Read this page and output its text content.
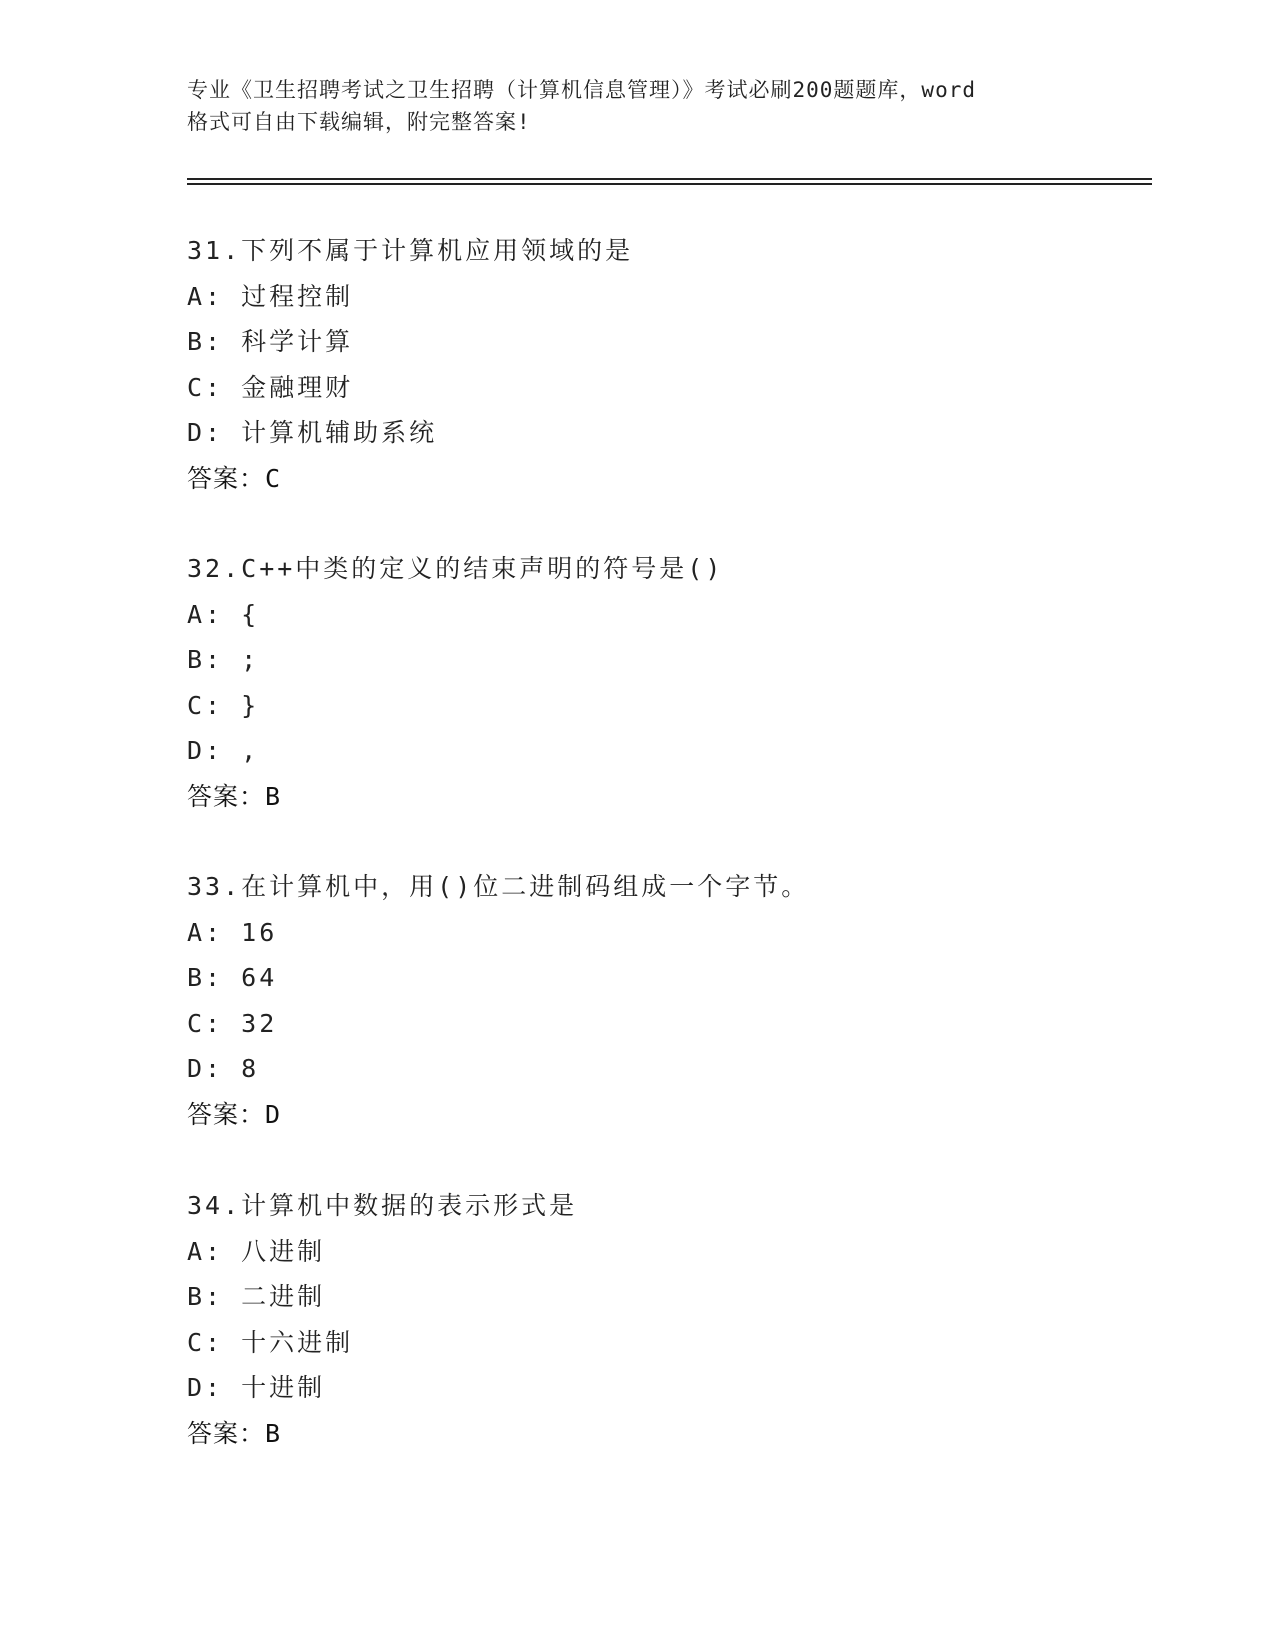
专业《卫生招聘考试之卫生招聘（计算机信息管理）》考试必刷200题题库，word
格式可自由下载编辑，附完整答案!
31.下列不属于计算机应用领域的是
A: 过程控制
B: 科学计算
C: 金融理财
D: 计算机辅助系统
答案：C
32.C++中类的定义的结束声明的符号是()
A: {
B: ;
C: }
D: ,
答案：B
33.在计算机中，用()位二进制码组成一个字节。
A: 16
B: 64
C: 32
D: 8
答案：D
34.计算机中数据的表示形式是
A: 八进制
B: 二进制
C: 十六进制
D: 十进制
答案：B
